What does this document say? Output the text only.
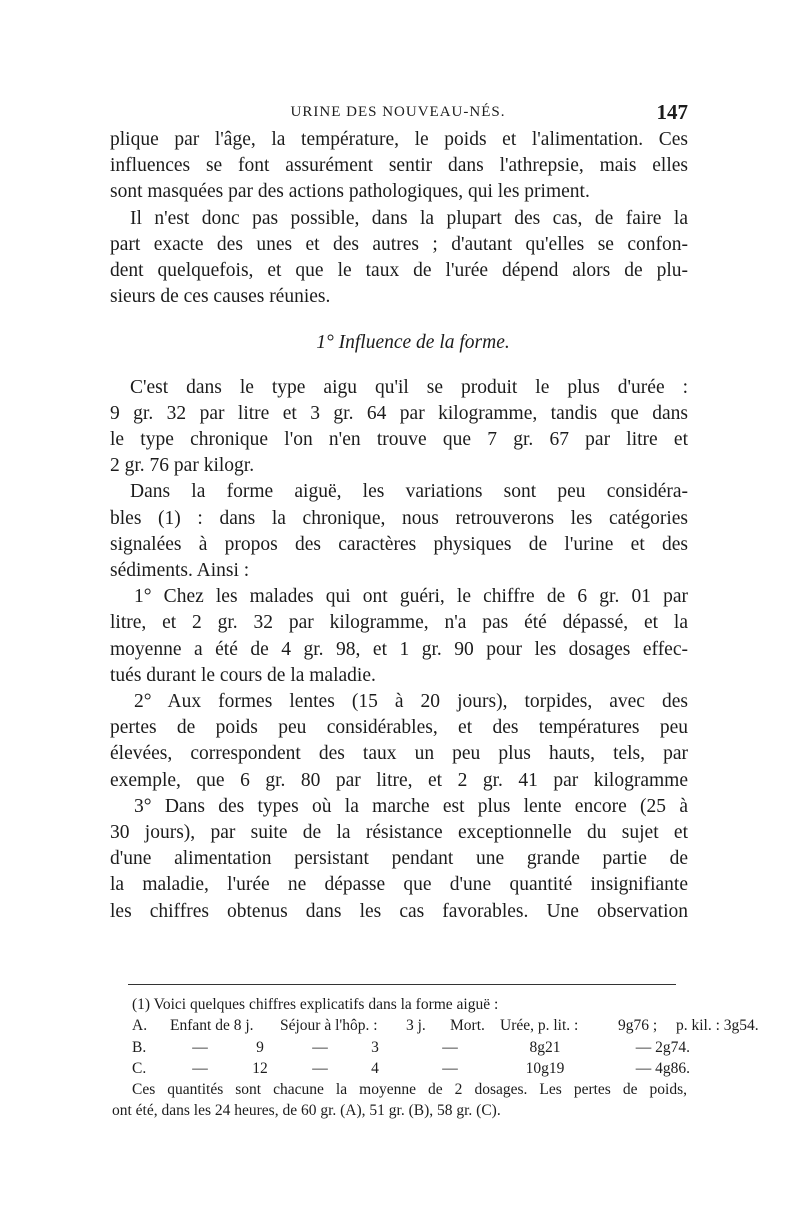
URINE DES NOUVEAU-NÉS.	147
plique par l'âge, la température, le poids et l'alimentation. Ces
influences se font assurément sentir dans l'athrepsie, mais elles
sont masquées par des actions pathologiques, qui les priment.
Il n'est donc pas possible, dans la plupart des cas, de faire la
part exacte des unes et des autres ; d'autant qu'elles se confon-
dent quelquefois, et que le taux de l'urée dépend alors de plu-
sieurs de ces causes réunies.
1° Influence de la forme.
C'est dans le type aigu qu'il se produit le plus d'urée :
9 gr. 32 par litre et 3 gr. 64 par kilogramme, tandis que dans
le type chronique l'on n'en trouve que 7 gr. 67 par litre et
2 gr. 76 par kilogr.
Dans la forme aiguë, les variations sont peu considéra-
bles (1) : dans la chronique, nous retrouverons les catégories
signalées à propos des caractères physiques de l'urine et des
sédiments. Ainsi :
1° Chez les malades qui ont guéri, le chiffre de 6 gr. 01 par
litre, et 2 gr. 32 par kilogramme, n'a pas été dépassé, et la
moyenne a été de 4 gr. 98, et 1 gr. 90 pour les dosages effec-
tués durant le cours de la maladie.
2° Aux formes lentes (15 à 20 jours), torpides, avec des
pertes de poids peu considérables, et des températures peu
élevées, correspondent des taux un peu plus hauts, tels, par
exemple, que 6 gr. 80 par litre, et 2 gr. 41 par kilogramme
3° Dans des types où la marche est plus lente encore (25 à
30 jours), par suite de la résistance exceptionnelle du sujet et
d'une alimentation persistant pendant une grande partie de
la maladie, l'urée ne dépasse que d'une quantité insignifiante
les chiffres obtenus dans les cas favorables. Une observation
(1) Voici quelques chiffres explicatifs dans la forme aiguë :
A.	Enfant de 8 j.	Séjour à l'hôp. :	3 j.	Mort. Urée, p. lit. :	9g76 ;	p. kil. : 3g54.
B.	—	9	—	3	—	8g21	— 2g74.
C.	—	12	—	4	—	10g19	— 4g86.
Ces quantités sont chacune la moyenne de 2 dosages. Les pertes de poids,
ont été, dans les 24 heures, de 60 gr. (A), 51 gr. (B), 58 gr. (C).
